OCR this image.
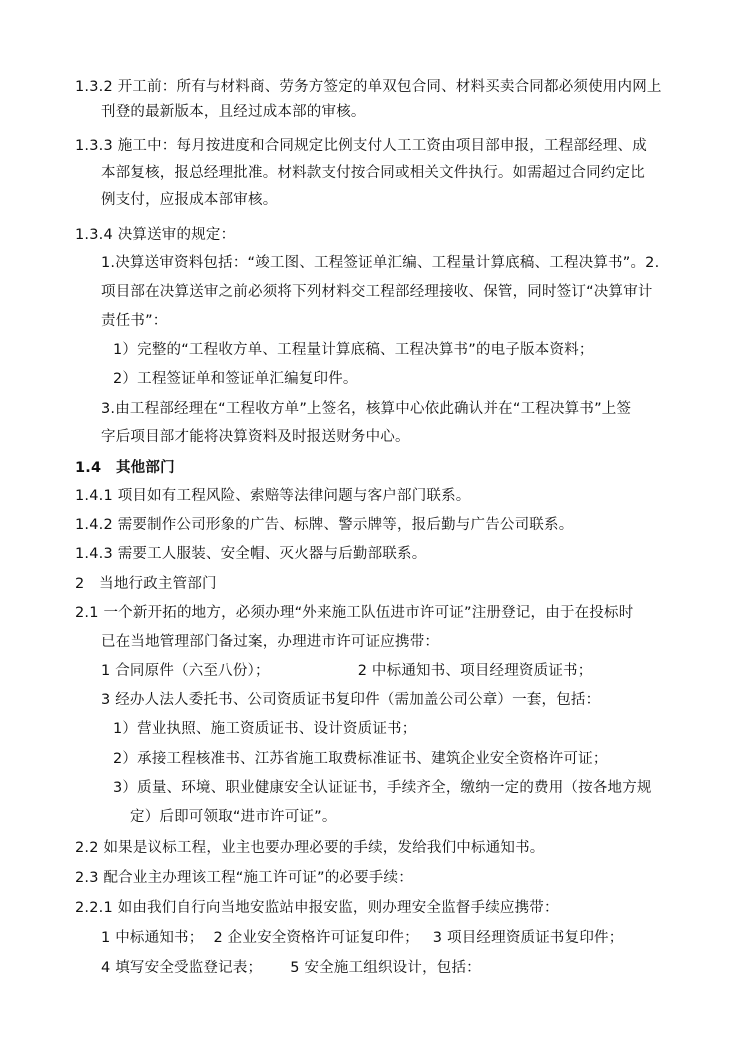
1.3.2 开工前：所有与材料商、劳务方签定的单双包合同、材料买卖合同都必须使用内网上
刊登的最新版本，且经过成本部的审核。
1.3.3 施工中：每月按进度和合同规定比例支付人工工资由项目部申报，工程部经理、成
本部复核，报总经理批准。材料款支付按合同或相关文件执行。如需超过合同约定比
例支付，应报成本部审核。
1.3.4 决算送审的规定：
1.决算送审资料包括：“竣工图、工程签证单汇编、工程量计算底稿、工程决算书”。2.
项目部在决算送审之前必须将下列材料交工程部经理接收、保管，同时签订“决算审计
责任书”：
1）完整的“工程收方单、工程量计算底稿、工程决算书”的电子版本资料；
2）工程签证单和签证单汇编复印件。
3.由工程部经理在“工程收方单”上签名，核算中心依此确认并在“工程决算书”上签
字后项目部才能将决算资料及时报送财务中心。
1.4　其他部门
1.4.1 项目如有工程风险、索赔等法律问题与客户部门联系。
1.4.2 需要制作公司形象的广告、标牌、警示牌等，报后勤与广告公司联系。
1.4.3 需要工人服装、安全帽、灭火器与后勤部联系。
2　当地行政主管部门
2.1 一个新开拓的地方，必须办理“外来施工队伍进市许可证”注册登记，由于在投标时
已在当地管理部门备过案，办理进市许可证应携带：
1 合同原件（六至八份）；	2 中标通知书、项目经理资质证书；
3 经办人法人委托书、公司资质证书复印件（需加盖公司公章）一套，包括：
1）营业执照、施工资质证书、设计资质证书；
2）承接工程核准书、江苏省施工取费标准证书、建筑企业安全资格许可证；
3）质量、环境、职业健康安全认证证书，手续齐全，缴纳一定的费用（按各地方规
定）后即可领取“进市许可证”。
2.2 如果是议标工程，业主也要办理必要的手续，发给我们中标通知书。
2.3 配合业主办理该工程“施工许可证”的必要手续：
2.2.1 如由我们自行向当地安监站申报安监，则办理安全监督手续应携带：
1 中标通知书； 2 企业安全资格许可证复印件； 3 项目经理资质证书复印件；
4 填写安全受监登记表； 5 安全施工组织设计，包括：
